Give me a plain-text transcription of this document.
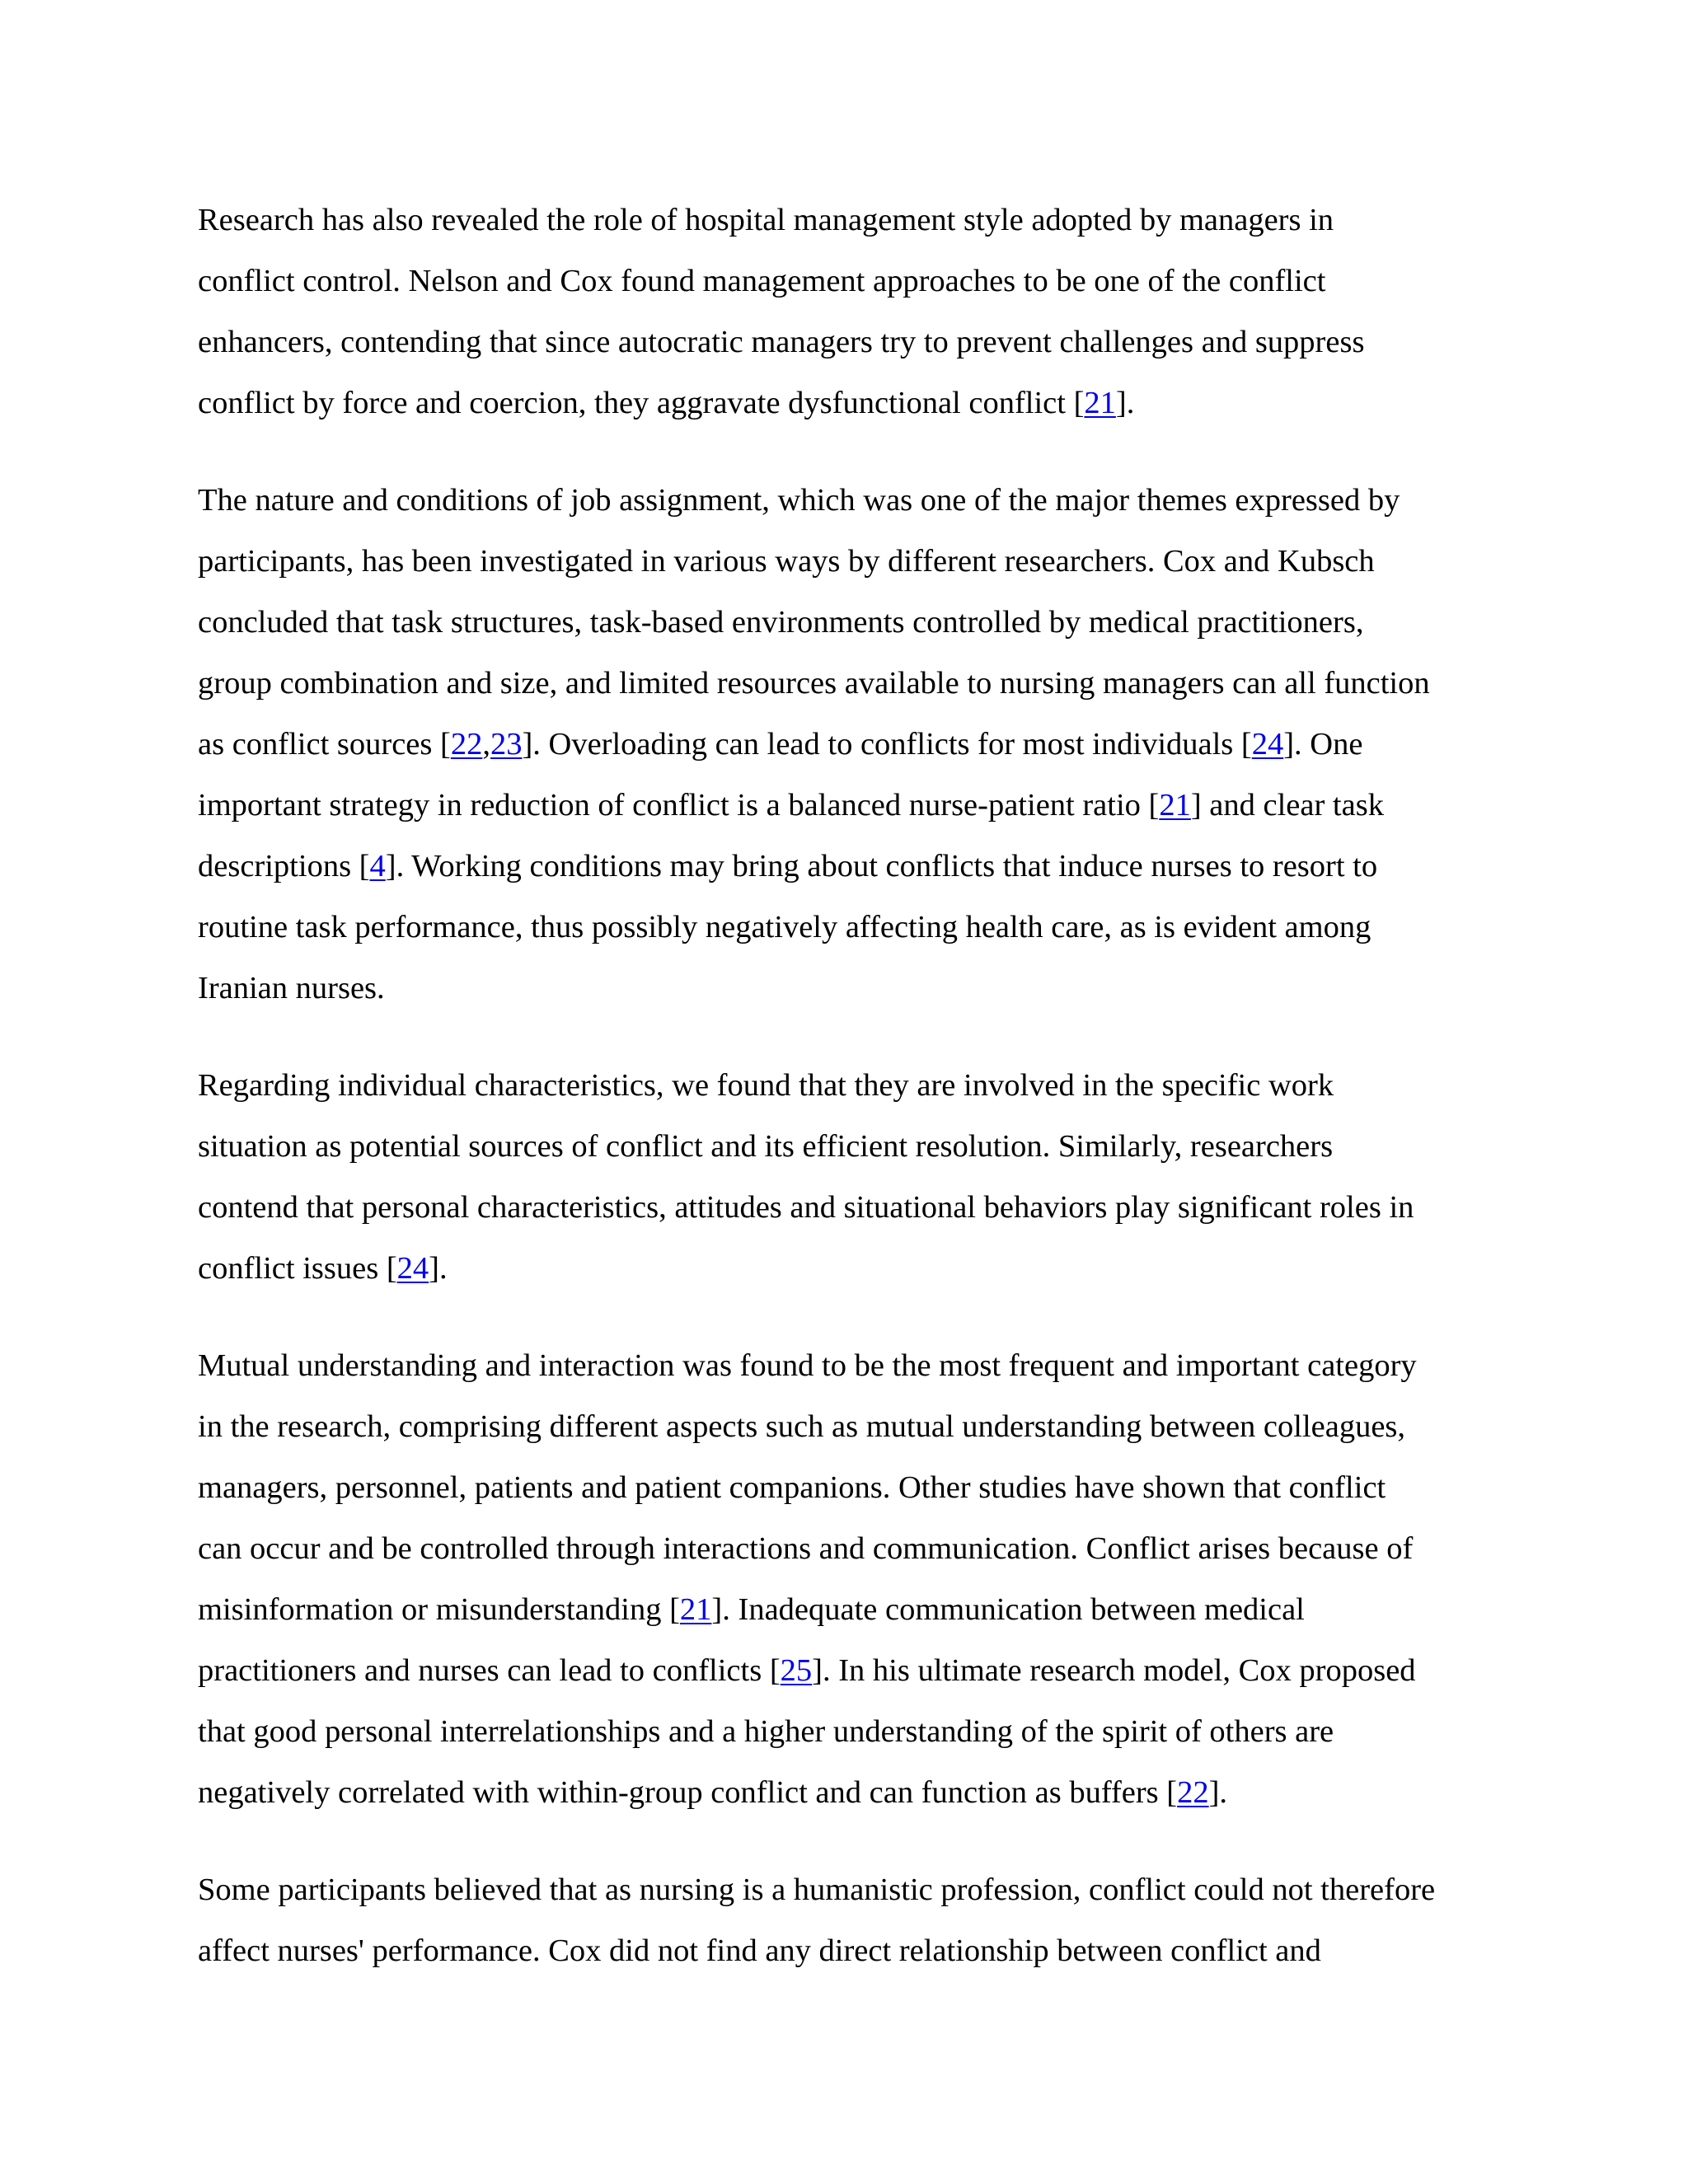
Research has also revealed the role of hospital management style adopted by managers in
conflict control. Nelson and Cox found management approaches to be one of the conflict
enhancers, contending that since autocratic managers try to prevent challenges and suppress
conflict by force and coercion, they aggravate dysfunctional conflict [21].

The nature and conditions of job assignment, which was one of the major themes expressed by
participants, has been investigated in various ways by different researchers. Cox and Kubsch
concluded that task structures, task-based environments controlled by medical practitioners,
group combination and size, and limited resources available to nursing managers can all function
as conflict sources [22,23]. Overloading can lead to conflicts for most individuals [24]. One
important strategy in reduction of conflict is a balanced nurse-patient ratio [21] and clear task
descriptions [4]. Working conditions may bring about conflicts that induce nurses to resort to
routine task performance, thus possibly negatively affecting health care, as is evident among
Iranian nurses.

Regarding individual characteristics, we found that they are involved in the specific work
situation as potential sources of conflict and its efficient resolution. Similarly, researchers
contend that personal characteristics, attitudes and situational behaviors play significant roles in
conflict issues [24].

Mutual understanding and interaction was found to be the most frequent and important category
in the research, comprising different aspects such as mutual understanding between colleagues,
managers, personnel, patients and patient companions. Other studies have shown that conflict
can occur and be controlled through interactions and communication. Conflict arises because of
misinformation or misunderstanding [21]. Inadequate communication between medical
practitioners and nurses can lead to conflicts [25]. In his ultimate research model, Cox proposed
that good personal interrelationships and a higher understanding of the spirit of others are
negatively correlated with within-group conflict and can function as buffers [22].

Some participants believed that as nursing is a humanistic profession, conflict could not therefore
affect nurses' performance. Cox did not find any direct relationship between conflict and
